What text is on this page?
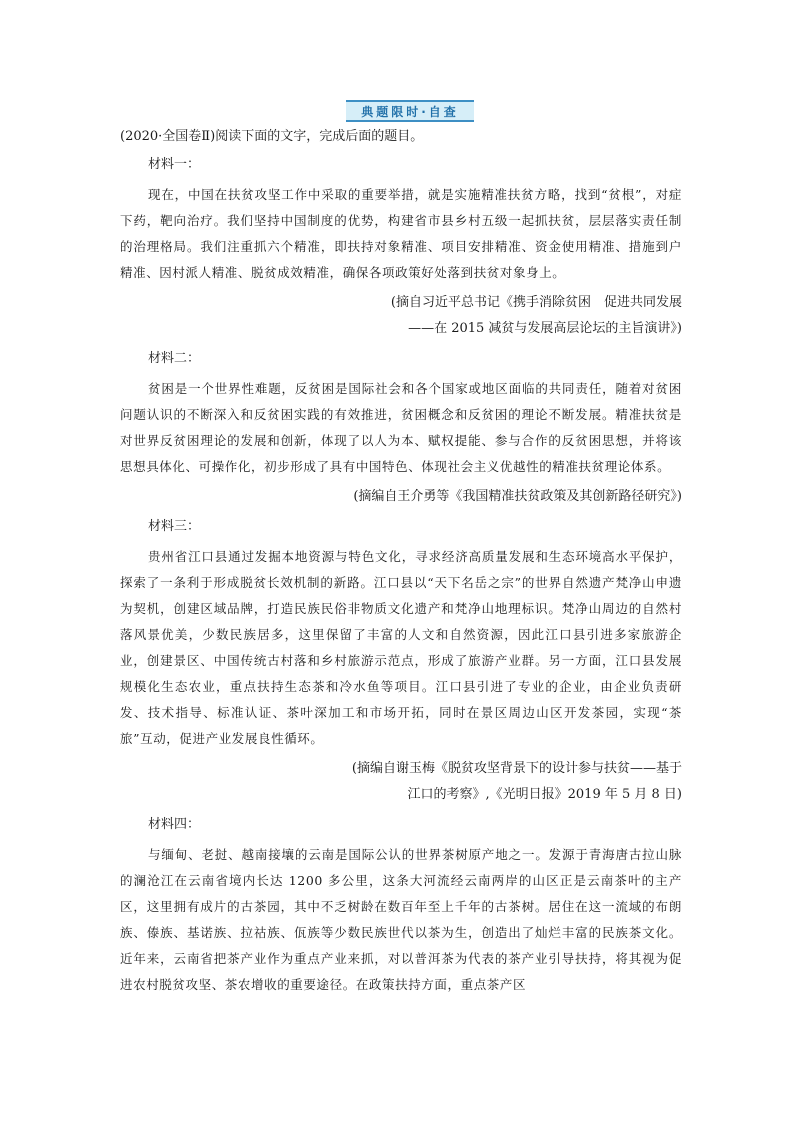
典题限时·自查

(2020·全国卷Ⅱ)阅读下面的文字，完成后面的题目。

材料一：

现在，中国在扶贫攻坚工作中采取的重要举措，就是实施精准扶贫方略，找到“贫根”，对症下药，靶向治疗。我们坚持中国制度的优势，构建省市县乡村五级一起抓扶贫，层层落实责任制的治理格局。我们注重抓六个精准，即扶持对象精准、项目安排精准、资金使用精准、措施到户精准、因村派人精准、脱贫成效精准，确保各项政策好处落到扶贫对象身上。

(摘自习近平总书记《携手消除贫困　促进共同发展
——在 2015 减贫与发展高层论坛的主旨演讲》)

材料二：

贫困是一个世界性难题，反贫困是国际社会和各个国家或地区面临的共同责任，随着对贫困问题认识的不断深入和反贫困实践的有效推进，贫困概念和反贫困的理论不断发展。精准扶贫是对世界反贫困理论的发展和创新，体现了以人为本、赋权提能、参与合作的反贫困思想，并将该思想具体化、可操作化，初步形成了具有中国特色、体现社会主义优越性的精准扶贫理论体系。

(摘编自王介勇等《我国精准扶贫政策及其创新路径研究》)

材料三：

贵州省江口县通过发掘本地资源与特色文化，寻求经济高质量发展和生态环境高水平保护，探索了一条利于形成脱贫长效机制的新路。江口县以“天下名岳之宗”的世界自然遗产梵净山申遗为契机，创建区域品牌，打造民族民俗非物质文化遗产和梵净山地理标识。梵净山周边的自然村落风景优美，少数民族居多，这里保留了丰富的人文和自然资源，因此江口县引进多家旅游企业，创建景区、中国传统古村落和乡村旅游示范点，形成了旅游产业群。另一方面，江口县发展规模化生态农业，重点扶持生态茶和冷水鱼等项目。江口县引进了专业的企业，由企业负责研发、技术指导、标准认证、茶叶深加工和市场开拓，同时在景区周边山区开发茶园，实现“茶旅”互动，促进产业发展良性循环。

(摘编自谢玉梅《脱贫攻坚背景下的设计参与扶贫——基于
江口的考察》,《光明日报》2019 年 5 月 8 日)

材料四：

与缅甸、老挝、越南接壤的云南是国际公认的世界茶树原产地之一。发源于青海唐古拉山脉的澜沧江在云南省境内长达 1200 多公里，这条大河流经云南两岸的山区正是云南茶叶的主产区，这里拥有成片的古茶园，其中不乏树龄在数百年至上千年的古茶树。居住在这一流域的布朗族、傣族、基诺族、拉祜族、佤族等少数民族世代以茶为生，创造出了灿烂丰富的民族茶文化。近年来，云南省把茶产业作为重点产业来抓，对以普洱茶为代表的茶产业引导扶持，将其视为促进农村脱贫攻坚、茶农增收的重要途径。在政策扶持方面，重点茶产区
